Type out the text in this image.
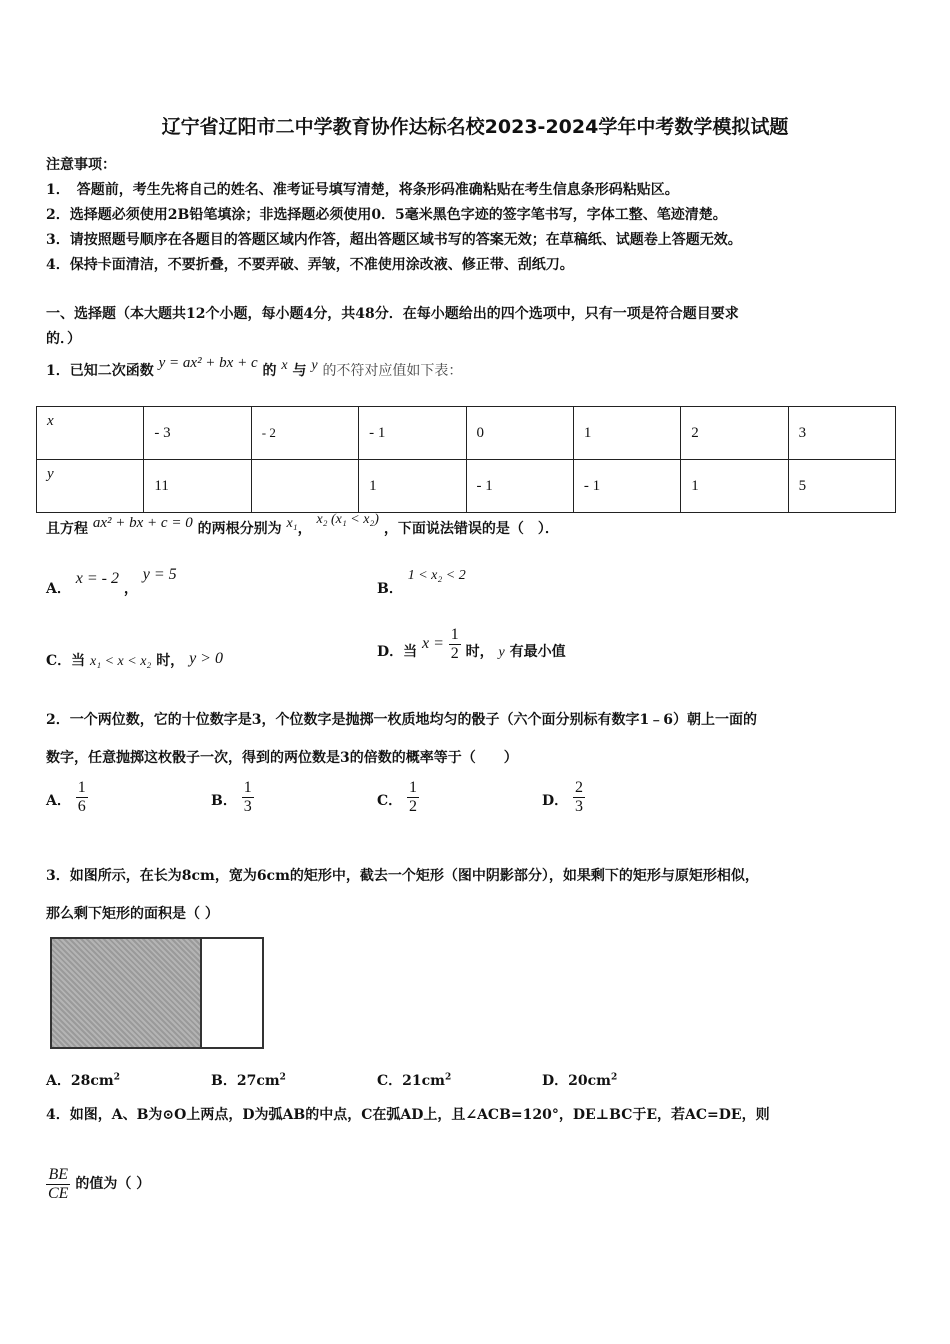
辽宁省辽阳市二中学教育协作达标名校2023-2024学年中考数学模拟试题
注意事项：
1．　答题前，考生先将自己的姓名、准考证号填写清楚，将条形码准确粘贴在考生信息条形码粘贴区。
2．选择题必须使用2B铅笔填涂；非选择题必须使用0．5毫米黑色字迹的签字笔书写，字体工整、笔迹清楚。
3．请按照题号顺序在各题目的答题区域内作答，超出答题区域书写的答案无效；在草稿纸、试题卷上答题无效。
4．保持卡面清洁，不要折叠，不要弄破、弄皱，不准使用涂改液、修正带、刮纸刀。
一、选择题（本大题共12个小题，每小题4分，共48分．在每小题给出的四个选项中，只有一项是符合题目要求
的．）
1．已知二次函数 y = ax² + bx + c 的 x 与 y 的不符对应值如下表：
x	- 3	- 2	- 1	0	1	2	3
y	11		1	- 1	- 1	1	5
且方程 ax² + bx + c = 0 的两根分别为 x₁， x₂ (x₁ < x₂) ，下面说法错误的是（　）．
A． x = - 2 ， y = 5
B． 1 < x₂ < 2
C．当 x₁ < x < x₂ 时， y > 0	D．当 $x = \frac{1}{2}$ 时， y 有最小值
2．一个两位数，它的十位数字是3，个位数字是抛掷一枚质地均匀的骰子（六个面分别标有数字1﹣6）朝上一面的
数字，任意抛掷这枚骰子一次，得到的两位数是3的倍数的概率等于（　　）
A． $\frac{1}{6}$	B． $\frac{1}{3}$	C． $\frac{1}{2}$	D． $\frac{2}{3}$
3．如图所示，在长为8cm，宽为6cm的矩形中，截去一个矩形（图中阴影部分），如果剩下的矩形与原矩形相似，
那么剩下矩形的面积是（ ）
A．$28cm^2$	B．$27cm^2$	C．$21cm^2$	D．$20cm^2$
4．如图，A、B为⊙O上两点，D为弧AB的中点，C在弧AD上，且∠ACB=120°，DE⊥BC于E，若AC=DE，则
$\frac{BE}{CE}$ 的值为（ ）
